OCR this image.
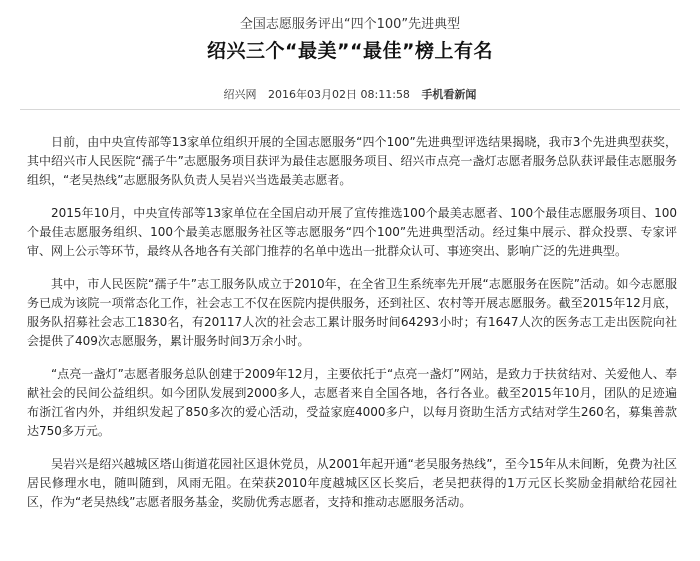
全国志愿服务评出“四个100”先进典型
绍兴三个“最美”“最佳”榜上有名
绍兴网 2016年03月02日 08:11:58 手机看新闻

日前，由中央宣传部等13家单位组织开展的全国志愿服务“四个100”先进典型评选结果揭晓，我市3个先进典型获奖，其中绍兴市人民医院“孺子牛”志愿服务项目获评为最佳志愿服务项目、绍兴市点亮一盏灯志愿者服务总队获评最佳志愿服务组织，“老吴热线”志愿服务队负责人吴岩兴当选最美志愿者。

2015年10月，中央宣传部等13家单位在全国启动开展了宣传推选100个最美志愿者、100个最佳志愿服务项目、100个最佳志愿服务组织、100个最美志愿服务社区等志愿服务“四个100”先进典型活动。经过集中展示、群众投票、专家评审、网上公示等环节，最终从各地各有关部门推荐的名单中选出一批群众认可、事迹突出、影响广泛的先进典型。

其中，市人民医院“孺子牛”志工服务队成立于2010年，在全省卫生系统率先开展“志愿服务在医院”活动。如今志愿服务已成为该院一项常态化工作，社会志工不仅在医院内提供服务，还到社区、农村等开展志愿服务。截至2015年12月底，服务队招募社会志工1830名，有20117人次的社会志工累计服务时间64293小时；有1647人次的医务志工走出医院向社会提供了409次志愿服务，累计服务时间3万余小时。

“点亮一盏灯”志愿者服务总队创建于2009年12月，主要依托于“点亮一盏灯”网站，是致力于扶贫结对、关爱他人、奉献社会的民间公益组织。如今团队发展到2000多人，志愿者来自全国各地，各行各业。截至2015年10月，团队的足迹遍布浙江省内外，并组织发起了850多次的爱心活动，受益家庭4000多户，以每月资助生活方式结对学生260名，募集善款达750多万元。

吴岩兴是绍兴越城区塔山街道花园社区退休党员，从2001年起开通“老吴服务热线”，至今15年从未间断，免费为社区居民修理水电，随叫随到，风雨无阻。在荣获2010年度越城区区长奖后，老吴把获得的1万元区长奖励金捐献给花园社区，作为“老吴热线”志愿者服务基金，奖励优秀志愿者，支持和推动志愿服务活动。
